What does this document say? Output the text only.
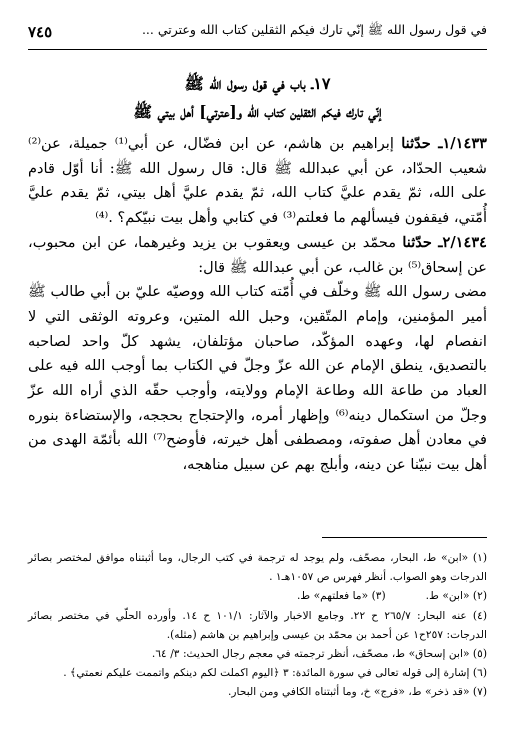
في قول رسول الله ﷺ إنّي تارك فيكم الثقلين كتاب الله وعترتي ...
٧٤٥

١٧ـ باب في قول رسول الله ﷺ

إنّي تارك فيكم الثقلين كتاب الله و[عترتي] أهل بيتي ﷺ

١/١٤٣٣ـ حدّثنا إبراهيم بن هاشم، عن ابن فضّال، عن أبي⁽¹⁾ جميلة، عن⁽²⁾ شعيب الحدّاد، عن أبي عبدالله ﷺ قال: قال رسول الله ﷺ: أنا أوّل قادم على الله، ثمّ يقدم عليَّ كتاب الله، ثمّ يقدم عليَّ أهل بيتي، ثمّ يقدم عليَّ أُمّتي، فيقفون فيسألهم ما فعلتم⁽³⁾ في كتابي وأهل بيت نبيّكم؟ .⁽⁴⁾

٢/١٤٣٤ـ حدّثنا محمّد بن عيسى ويعقوب بن يزيد وغيرهما، عن ابن محبوب، عن إسحاق⁽⁵⁾ بن غالب، عن أبي عبدالله ﷺ قال:

مضى رسول الله ﷺ وخلّف في أُمّته كتاب الله ووصيّه عليّ بن أبي طالب ﷺ أمير المؤمنين، وإمام المتّقين، وحبل الله المتين، وعروته الوثقى التي لا انفصام لها، وعهده المؤكّد، صاحبان مؤتلفان، يشهد كلّ واحد لصاحبه بالتصديق، ينطق الإمام عن الله عزّ وجلّ في الكتاب بما أوجب الله فيه على العباد من طاعة الله وطاعة الإمام وولايته، وأوجب حقّه الذي أراه الله عزّ وجلّ من استكمال دينه⁽⁶⁾ وإظهار أمره، والإحتجاج بحججه، والإستضاءة بنوره في معادن أهل صفوته، ومصطفى أهل خيرته، فأوضح⁽⁷⁾ الله بأئمّة الهدى من أهل بيت نبيّنا عن دينه، وأبلج بهم عن سبيل مناهجه،

(١) «ابن» ط، البحار، مصحّف، ولم يوجد له ترجمة في كتب الرجال، وما أثبتناه موافق لمختصر بصائر الدرجات وهو الصواب. أنظر فهرس ص ١٠٥٧هـ١ .

(٢) «ابن» ط.
(٣) «ما فعلتهم» ط.

(٤) عنه البحار: ٢٦٥/٧ ح ٢٢. وجامع الاخبار والآثار: ١٠١/١ ح ١٤. وأورده الحلّي في مختصر بصائر الدرجات: ٢٥٧ح١ عن أحمد بن محمّد بن عيسى وإبراهيم بن هاشم (مثله).

(٥) «ابن إسحاق» ط، مصحّف، أنظر ترجمته في معجم رجال الحديث: ٣/ ٦٤.

(٦) إشارة إلى قوله تعالى في سورة المائدة: ٣ ﴿اليوم اكملت لكم دينكم واتممت عليكم نعمتي﴾ .

(٧) «قد ذخر» ط، «فرج» خ، وما أثبتناه الكافي ومن البحار.
